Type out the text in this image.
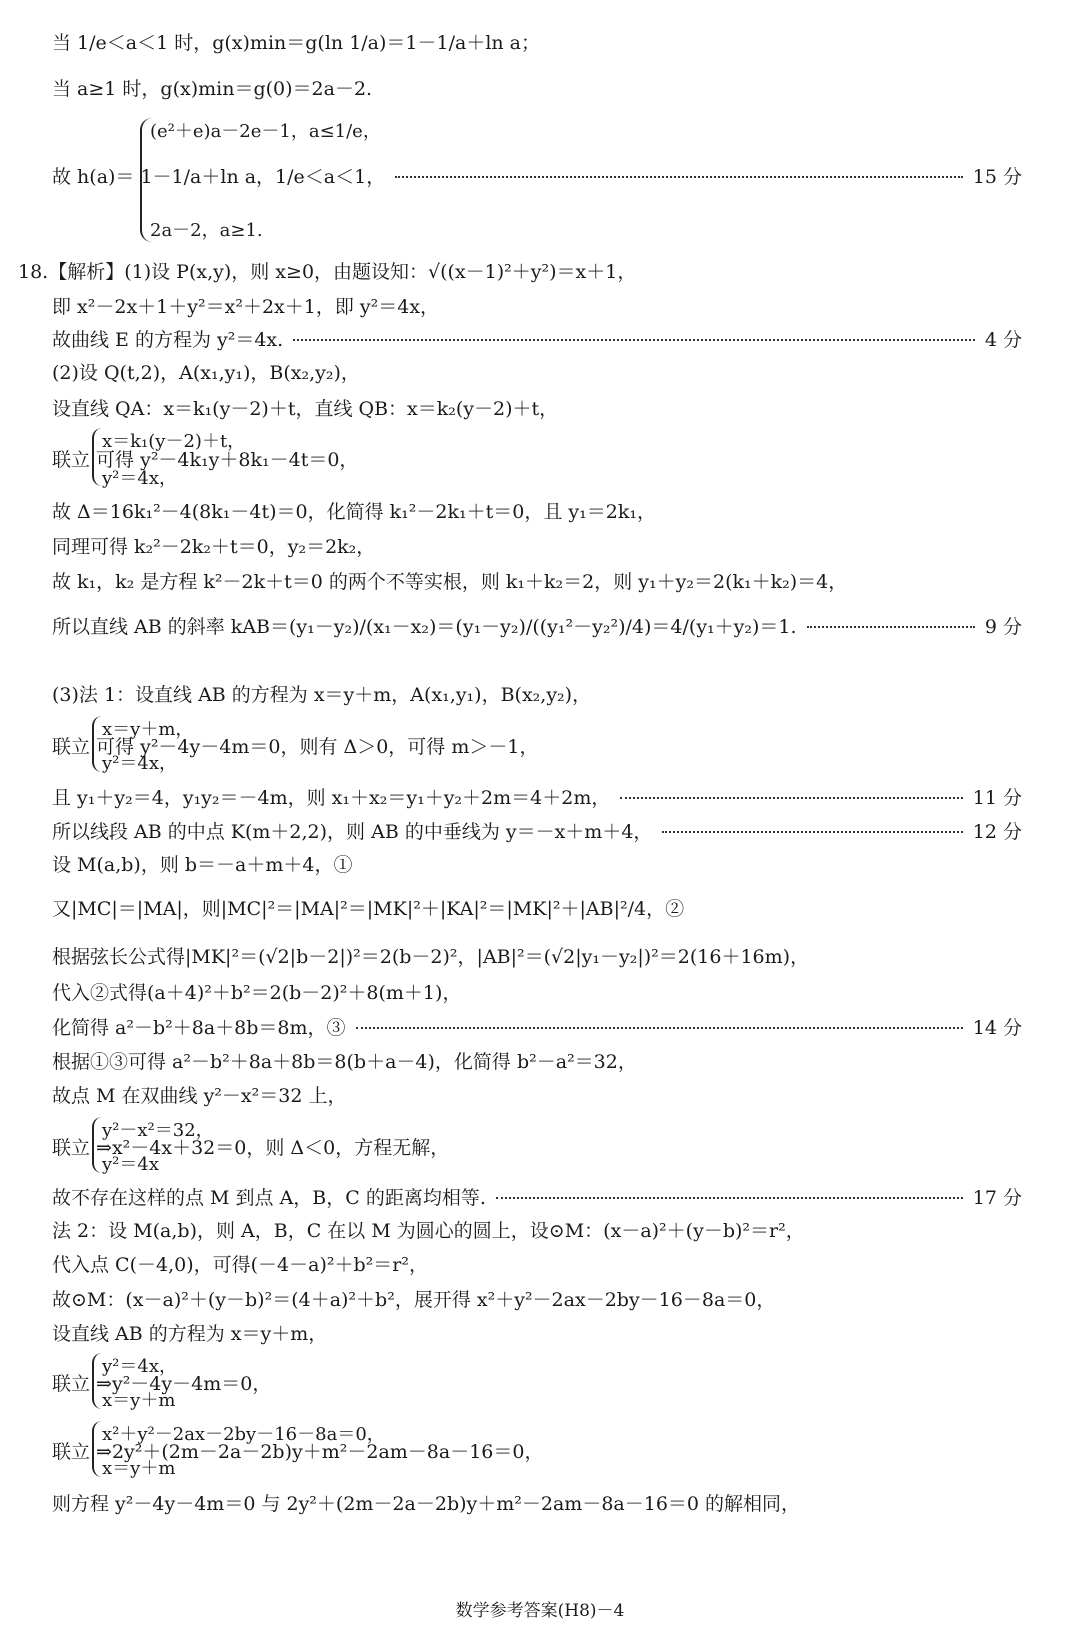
当 1/e＜a＜1 时，g(x)min＝g(ln 1/a)＝1－1/a＋ln a；
当 a≥1 时，g(x)min＝g(0)＝2a－2.
(e²＋e)a－2e－1，a≤1/e，
故 h(a)＝ 1－1/a＋ln a，1/e＜a＜1，	15 分
2a－2，a≥1.
18.【解析】(1)设 P(x,y)，则 x≥0，由题设知：√((x－1)²＋y²)＝x＋1，
即 x²－2x＋1＋y²＝x²＋2x＋1，即 y²＝4x，
故曲线 E 的方程为 y²＝4x.	4 分
(2)设 Q(t,2)，A(x₁,y₁)，B(x₂,y₂)，
设直线 QA：x＝k₁(y－2)＋t，直线 QB：x＝k₂(y－2)＋t，
x＝k₁(y－2)＋t，
联立 可得 y²－4k₁y＋8k₁－4t＝0，
y²＝4x，
故 Δ＝16k₁²－4(8k₁－4t)＝0，化简得 k₁²－2k₁＋t＝0，且 y₁＝2k₁，
同理可得 k₂²－2k₂＋t＝0，y₂＝2k₂，
故 k₁，k₂ 是方程 k²－2k＋t＝0 的两个不等实根，则 k₁＋k₂＝2，则 y₁＋y₂＝2(k₁＋k₂)＝4，
所以直线 AB 的斜率 kAB＝(y₁－y₂)/(x₁－x₂)＝(y₁－y₂)/((y₁²－y₂²)/4)＝4/(y₁＋y₂)＝1.	9 分
(3)法 1：设直线 AB 的方程为 x＝y＋m，A(x₁,y₁)，B(x₂,y₂)，
x＝y＋m，
联立 可得 y²－4y－4m＝0，则有 Δ＞0，可得 m＞－1，
y²＝4x，
且 y₁＋y₂＝4，y₁y₂＝－4m，则 x₁＋x₂＝y₁＋y₂＋2m＝4＋2m，	11 分
所以线段 AB 的中点 K(m＋2,2)，则 AB 的中垂线为 y＝－x＋m＋4，	12 分
设 M(a,b)，则 b＝－a＋m＋4，①
又|MC|＝|MA|，则|MC|²＝|MA|²＝|MK|²＋|KA|²＝|MK|²＋|AB|²/4，②
根据弦长公式得|MK|²＝(√2|b－2|)²＝2(b－2)²，|AB|²＝(√2|y₁－y₂|)²＝2(16＋16m)，
代入②式得(a＋4)²＋b²＝2(b－2)²＋8(m＋1)，
化简得 a²－b²＋8a＋8b＝8m，③	14 分
根据①③可得 a²－b²＋8a＋8b＝8(b＋a－4)，化简得 b²－a²＝32，
故点 M 在双曲线 y²－x²＝32 上，
y²－x²＝32，
联立 ⇒x²－4x＋32＝0，则 Δ＜0，方程无解，
y²＝4x
故不存在这样的点 M 到点 A，B，C 的距离均相等.	17 分
法 2：设 M(a,b)，则 A，B，C 在以 M 为圆心的圆上，设⊙M：(x－a)²＋(y－b)²＝r²，
代入点 C(－4,0)，可得(－4－a)²＋b²＝r²，
故⊙M：(x－a)²＋(y－b)²＝(4＋a)²＋b²，展开得 x²＋y²－2ax－2by－16－8a＝0，
设直线 AB 的方程为 x＝y＋m，
y²＝4x，
联立 ⇒y²－4y－4m＝0，
x＝y＋m
x²＋y²－2ax－2by－16－8a＝0，
联立 ⇒2y²＋(2m－2a－2b)y＋m²－2am－8a－16＝0，
x＝y＋m
则方程 y²－4y－4m＝0 与 2y²＋(2m－2a－2b)y＋m²－2am－8a－16＝0 的解相同，
数学参考答案(H8)－4
